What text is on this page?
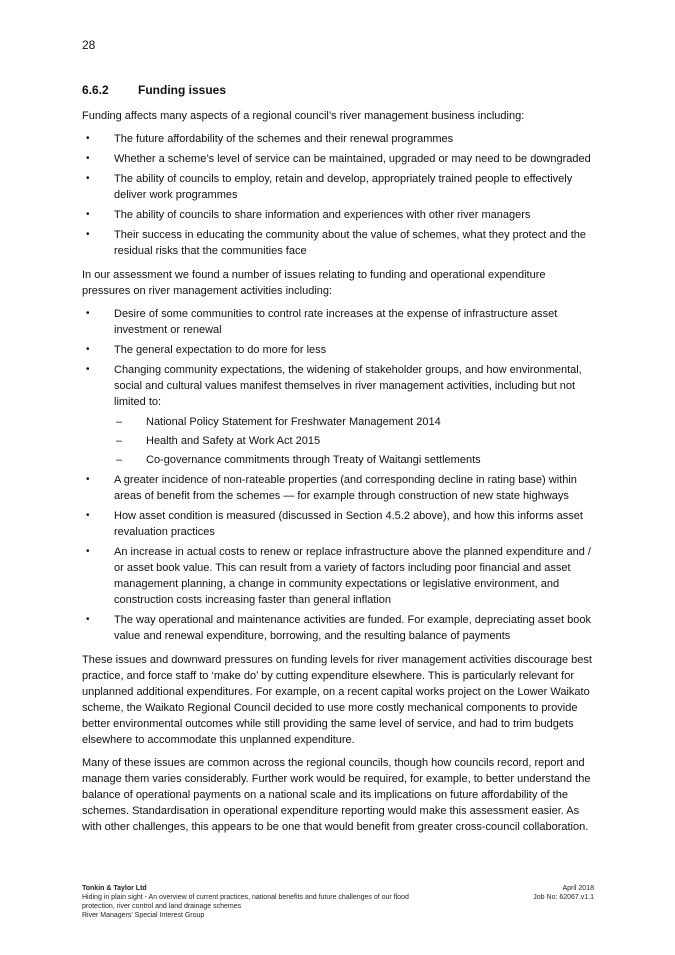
28
6.6.2	Funding issues

Funding affects many aspects of a regional council’s river management business including:

• The future affordability of the schemes and their renewal programmes
• Whether a scheme’s level of service can be maintained, upgraded or may need to be downgraded
• The ability of councils to employ, retain and develop, appropriately trained people to effectively deliver work programmes
• The ability of councils to share information and experiences with other river managers
• Their success in educating the community about the value of schemes, what they protect and the residual risks that the communities face

In our assessment we found a number of issues relating to funding and operational expenditure pressures on river management activities including:

• Desire of some communities to control rate increases at the expense of infrastructure asset investment or renewal
• The general expectation to do more for less
• Changing community expectations, the widening of stakeholder groups, and how environmental, social and cultural values manifest themselves in river management activities, including but not limited to:
– National Policy Statement for Freshwater Management 2014
– Health and Safety at Work Act 2015
– Co-governance commitments through Treaty of Waitangi settlements
• A greater incidence of non-rateable properties (and corresponding decline in rating base) within areas of benefit from the schemes — for example through construction of new state highways
• How asset condition is measured (discussed in Section 4.5.2 above), and how this informs asset revaluation practices
• An increase in actual costs to renew or replace infrastructure above the planned expenditure and / or asset book value. This can result from a variety of factors including poor financial and asset management planning, a change in community expectations or legislative environment, and construction costs increasing faster than general inflation
• The way operational and maintenance activities are funded. For example, depreciating asset book value and renewal expenditure, borrowing, and the resulting balance of payments

These issues and downward pressures on funding levels for river management activities discourage best practice, and force staff to ‘make do’ by cutting expenditure elsewhere. This is particularly relevant for unplanned additional expenditures. For example, on a recent capital works project on the Lower Waikato scheme, the Waikato Regional Council decided to use more costly mechanical components to provide better environmental outcomes while still providing the same level of service, and had to trim budgets elsewhere to accommodate this unplanned expenditure.

Many of these issues are common across the regional councils, though how councils record, report and manage them varies considerably. Further work would be required, for example, to better understand the balance of operational payments on a national scale and its implications on future affordability of the schemes. Standardisation in operational expenditure reporting would make this assessment easier. As with other challenges, this appears to be one that would benefit from greater cross-council collaboration.

Tonkin & Taylor Ltd
Hiding in plain sight - An overview of current practices, national benefits and future challenges of our flood protection, river control and land drainage schemes
River Managers’ Special Interest Group
April 2018
Job No: 62067.v1.1
